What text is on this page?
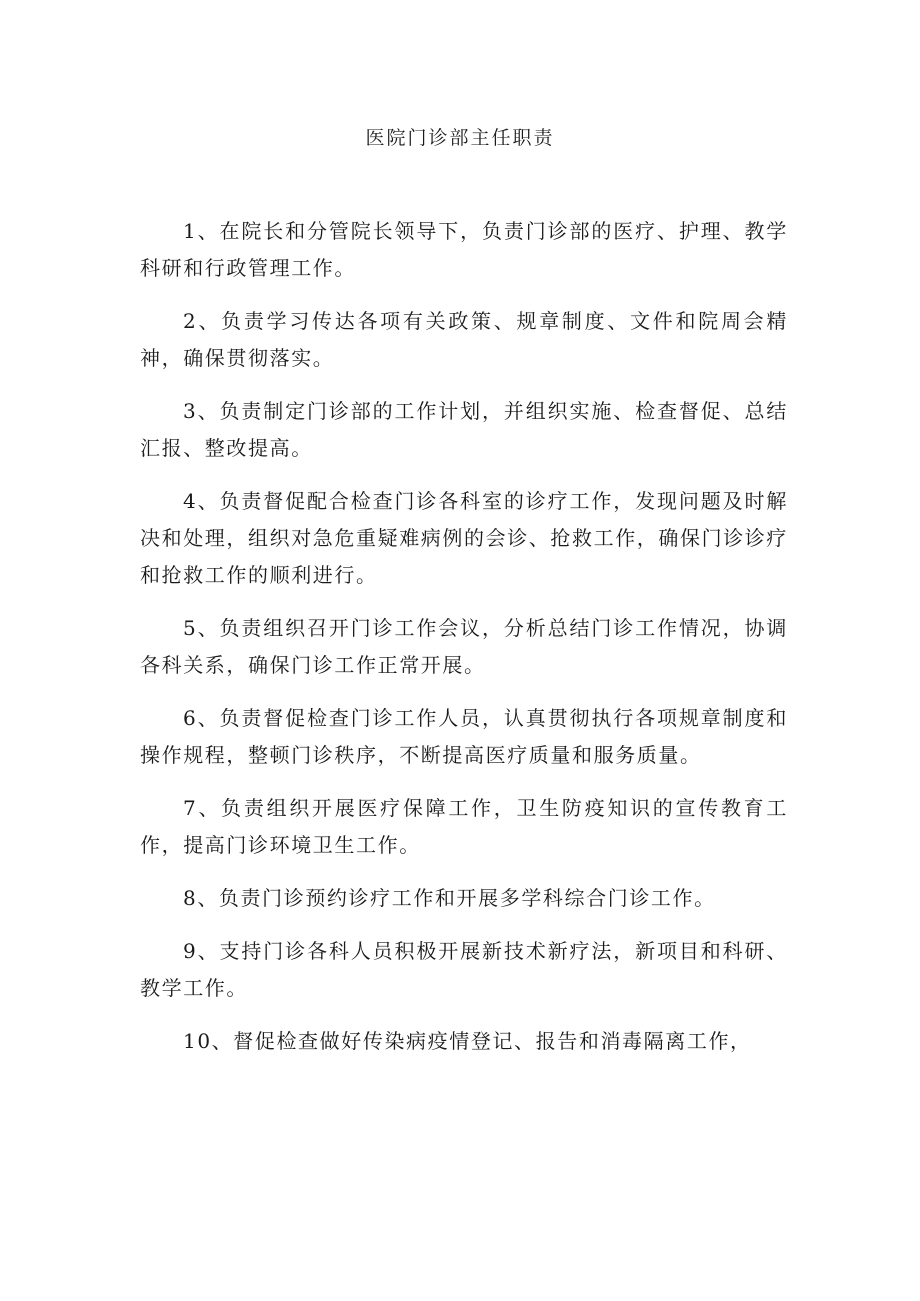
医院门诊部主任职责

1、在院长和分管院长领导下，负责门诊部的医疗、护理、教学科研和行政管理工作。

2、负责学习传达各项有关政策、规章制度、文件和院周会精神，确保贯彻落实。

3、负责制定门诊部的工作计划，并组织实施、检查督促、总结汇报、整改提高。

4、负责督促配合检查门诊各科室的诊疗工作，发现问题及时解决和处理，组织对急危重疑难病例的会诊、抢救工作，确保门诊诊疗和抢救工作的顺利进行。

5、负责组织召开门诊工作会议，分析总结门诊工作情况，协调各科关系，确保门诊工作正常开展。

6、负责督促检查门诊工作人员，认真贯彻执行各项规章制度和操作规程，整顿门诊秩序，不断提高医疗质量和服务质量。

7、负责组织开展医疗保障工作，卫生防疫知识的宣传教育工作，提高门诊环境卫生工作。

8、负责门诊预约诊疗工作和开展多学科综合门诊工作。

9、支持门诊各科人员积极开展新技术新疗法，新项目和科研、教学工作。

10、督促检查做好传染病疫情登记、报告和消毒隔离工作，
